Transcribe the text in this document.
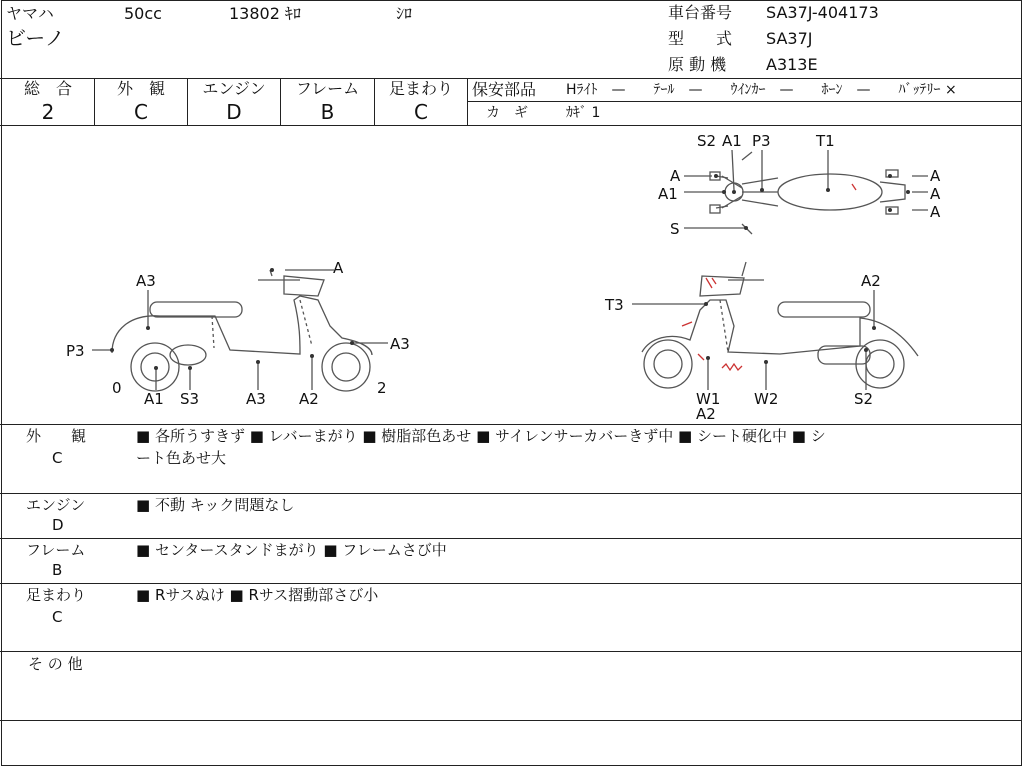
ヤマハ	50cc	13802 ｷﾛ	ｼﾛ
ビーノ
車台番号 SA37J-404173
型　　式 SA37J
原 動 機 A313E
総　合
2
外　観
C
エンジン
D
フレーム
B
足まわり
C
保安部品 Hﾗｲﾄ　—　　ﾃｰﾙ　—　　ｳｲﾝｶｰ　—　　ﾎｰﾝ　—　　ﾊﾞｯﾃﾘｰ ×
カ　ギ	ｶｷﾞ 1
S2 A1 P3	T1
A	A
A
A
A1
S
A3
A
P3	A3
0
A1 S3	A3 A2
2
A2
T3
W1
A2
W2	S2
外　　観
C
■ 各所うすきず ■ レバーまがり ■ 樹脂部色あせ ■ サイレンサーカバーきず中 ■ シート硬化中 ■ シ
ート色あせ大
エンジン
D
■ 不動 キック問題なし
フレーム
B
■ センタースタンドまがり ■ フレームさび中
足まわり
C
■ Rサスぬけ ■ Rサス摺動部さび小
そ の 他
